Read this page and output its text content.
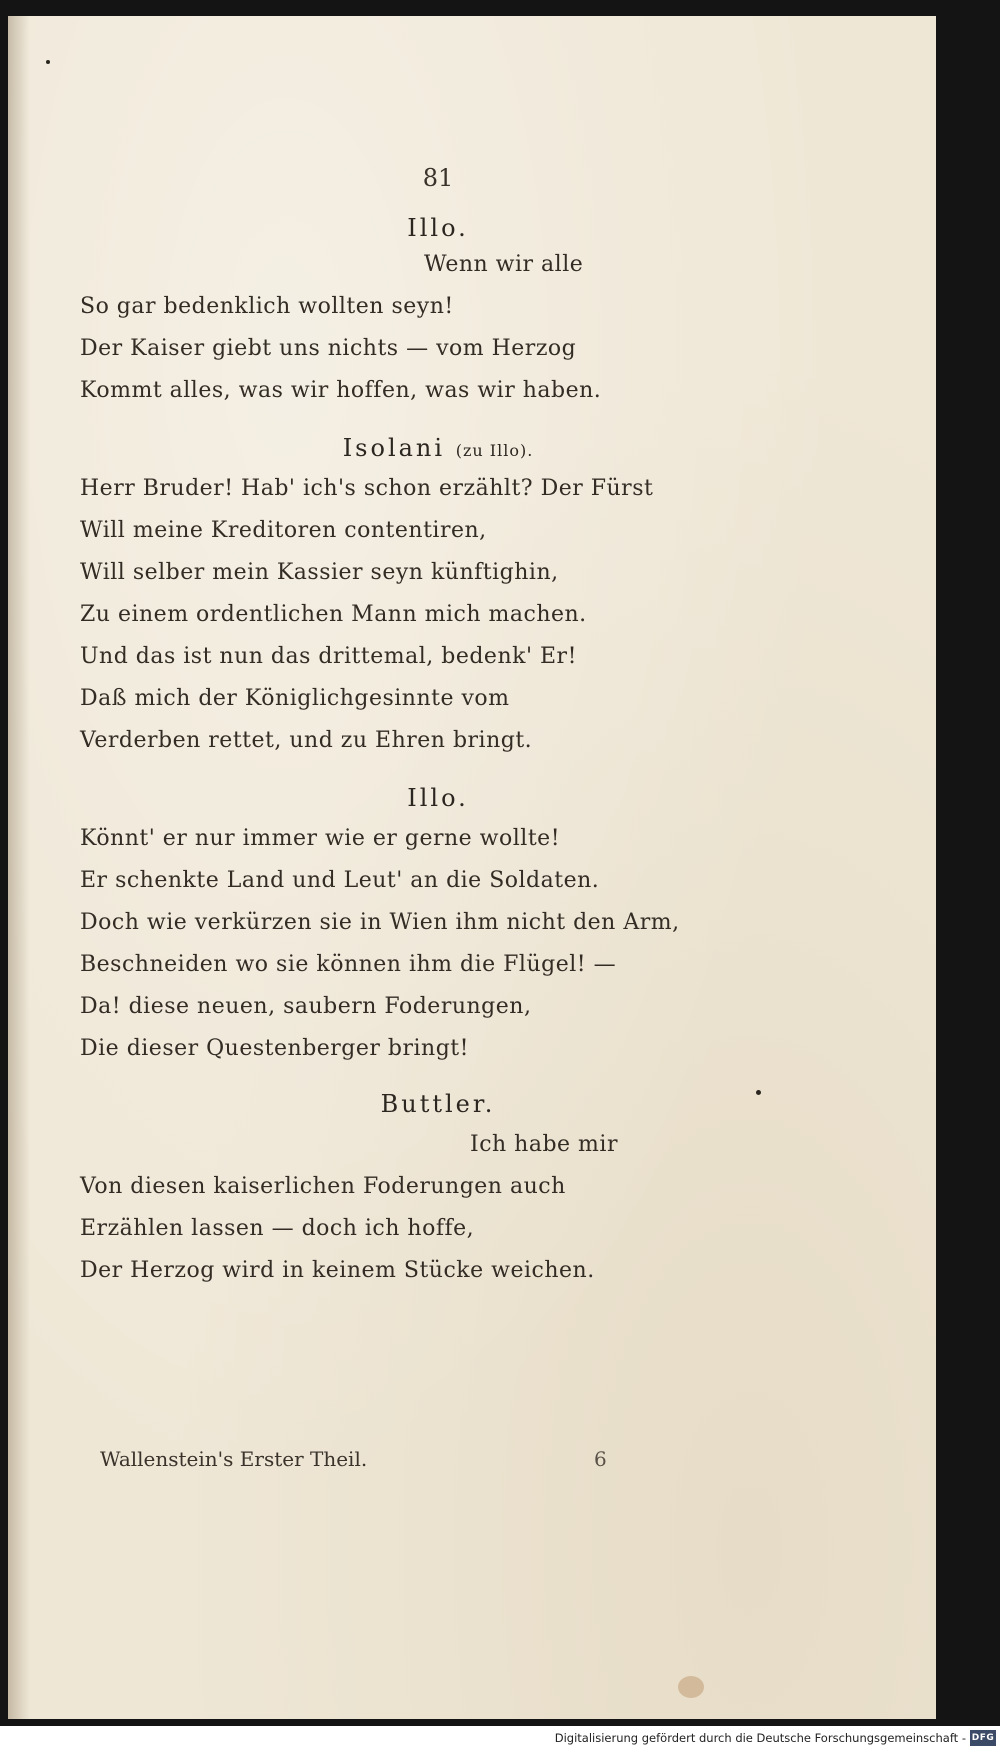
81
Illo.
Wenn wir alle
So gar bedenklich wollten seyn!
Der Kaiser giebt uns nichts — vom Herzog
Kommt alles, was wir hoffen, was wir haben.
Isolani (zu Illo).
Herr Bruder! Hab' ich's schon erzählt? Der Fürst
Will meine Kreditoren contentiren,
Will selber mein Kassier seyn künftighin,
Zu einem ordentlichen Mann mich machen.
Und das ist nun das drittemal, bedenk' Er!
Daß mich der Königlichgesinnte vom
Verderben rettet, und zu Ehren bringt.
Illo.
Könnt' er nur immer wie er gerne wollte!
Er schenkte Land und Leut' an die Soldaten.
Doch wie verkürzen sie in Wien ihm nicht den Arm,
Beschneiden wo sie können ihm die Flügel! —
Da! diese neuen, saubern Foderungen,
Die dieser Questenberger bringt!
Buttler.
Ich habe mir
Von diesen kaiserlichen Foderungen auch
Erzählen lassen — doch ich hoffe,
Der Herzog wird in keinem Stücke weichen.
Wallenstein's Erster Theil.	6
Digitalisierung gefördert durch die Deutsche Forschungsgemeinschaft - DFG
